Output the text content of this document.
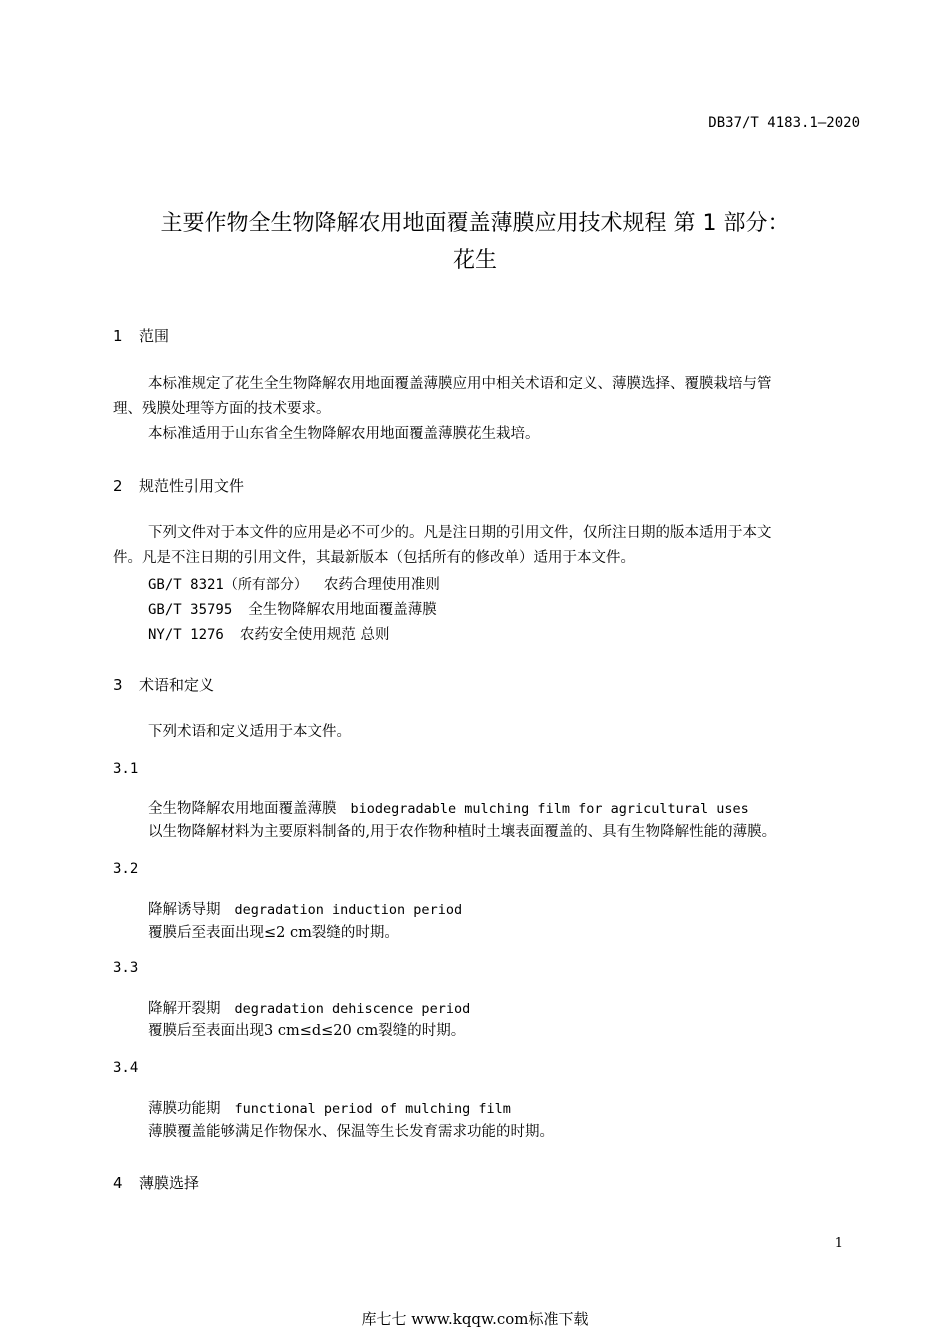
DB37/T 4183.1—2020
主要作物全生物降解农用地面覆盖薄膜应用技术规程 第 1 部分：
花生
1 范围
本标准规定了花生全生物降解农用地面覆盖薄膜应用中相关术语和定义、薄膜选择、覆膜栽培与管
理、残膜处理等方面的技术要求。
本标准适用于山东省全生物降解农用地面覆盖薄膜花生栽培。
2 规范性引用文件
下列文件对于本文件的应用是必不可少的。凡是注日期的引用文件，仅所注日期的版本适用于本文
件。凡是不注日期的引用文件，其最新版本（包括所有的修改单）适用于本文件。
GB/T 8321（所有部分） 农药合理使用准则
GB/T 35795 全生物降解农用地面覆盖薄膜
NY/T 1276 农药安全使用规范 总则
3 术语和定义
下列术语和定义适用于本文件。
3.1
全生物降解农用地面覆盖薄膜 biodegradable mulching film for agricultural uses
以生物降解材料为主要原料制备的,用于农作物种植时土壤表面覆盖的、具有生物降解性能的薄膜。
3.2
降解诱导期 degradation induction period
覆膜后至表面出现≤2 cm裂缝的时期。
3.3
降解开裂期 degradation dehiscence period
覆膜后至表面出现3 cm≤d≤20 cm裂缝的时期。
3.4
薄膜功能期 functional period of mulching film
薄膜覆盖能够满足作物保水、保温等生长发育需求功能的时期。
4 薄膜选择
1
库七七 www.kqqw.com标准下载
